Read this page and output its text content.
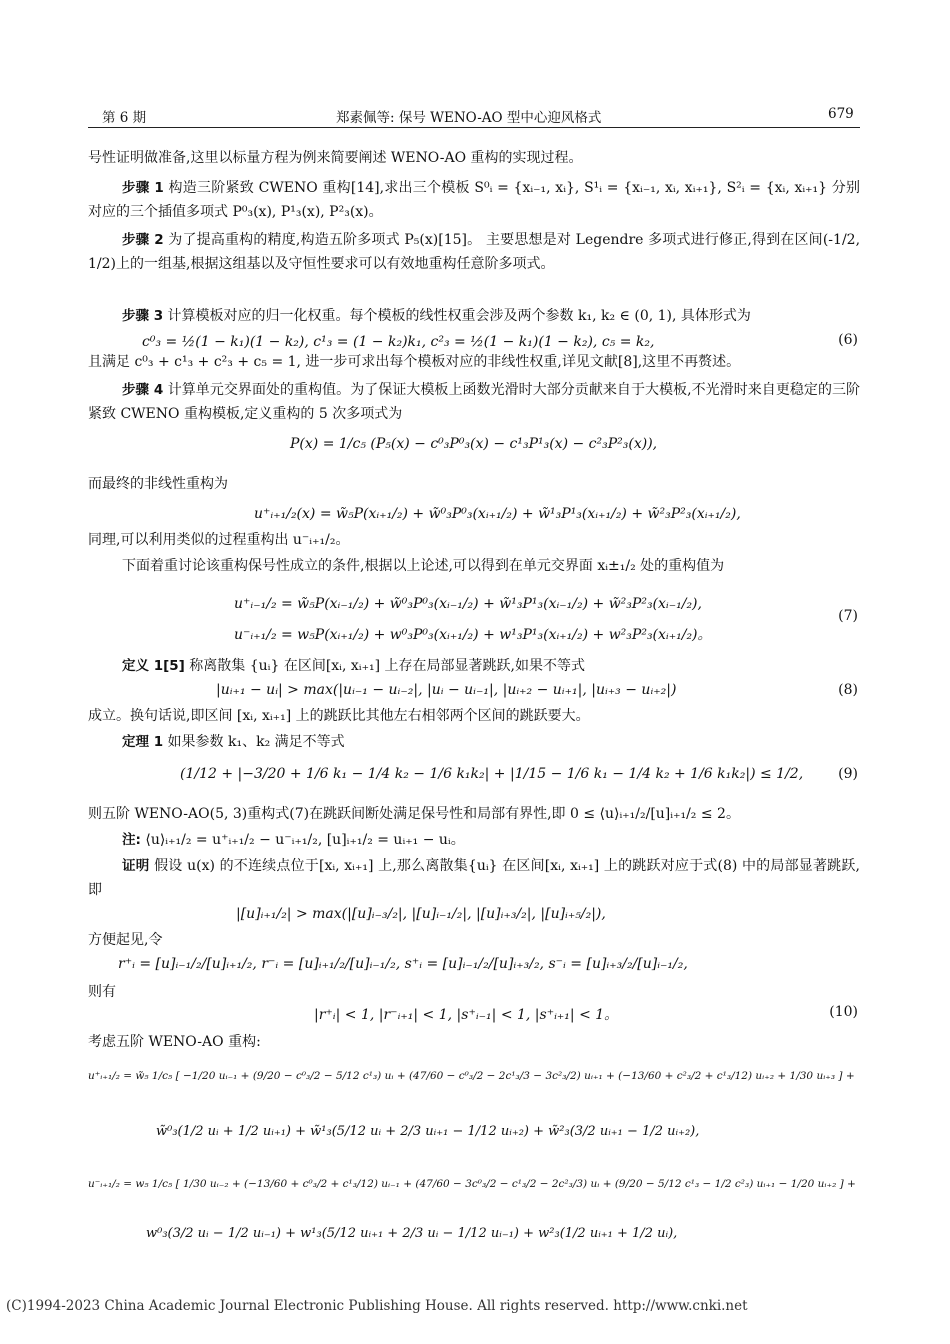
第 6 期	郑素佩等: 保号 WENO-AO 型中心迎风格式	679
号性证明做准备,这里以标量方程为例来简要阐述 WENO-AO 重构的实现过程。
步骤 1 构造三阶紧致 CWENO 重构[14],求出三个模板 S⁰ᵢ = {xᵢ₋₁, xᵢ}, S¹ᵢ = {xᵢ₋₁, xᵢ, xᵢ₊₁}, S²ᵢ = {xᵢ, xᵢ₊₁} 分别对应的三个插值多项式 P⁰₃(x), P¹₃(x), P²₃(x)。
步骤 2 为了提高重构的精度,构造五阶多项式 P₅(x)[15]。 主要思想是对 Legendre 多项式进行修正,得到在区间(-1/2, 1/2)上的一组基,根据这组基以及守恒性要求可以有效地重构任意阶多项式。
步骤 3 计算模板对应的归一化权重。每个模板的线性权重会涉及两个参数 k₁, k₂ ∈ (0, 1), 具体形式为
c⁰₃ = ½(1 − k₁)(1 − k₂), c¹₃ = (1 − k₂)k₁, c²₃ = ½(1 − k₁)(1 − k₂), c₅ = k₂,	(6)
且满足 c⁰₃ + c¹₃ + c²₃ + c₅ = 1, 进一步可求出每个模板对应的非线性权重,详见文献[8],这里不再赘述。
步骤 4 计算单元交界面处的重构值。为了保证大模板上函数光滑时大部分贡献来自于大模板,不光滑时来自更稳定的三阶紧致 CWENO 重构模板,定义重构的 5 次多项式为
P(x) = 1/c₅ (P₅(x) − c⁰₃P⁰₃(x) − c¹₃P¹₃(x) − c²₃P²₃(x)),
而最终的非线性重构为
u⁺ᵢ₊₁/₂(x) = w̃₅P(xᵢ₊₁/₂) + w̃⁰₃P⁰₃(xᵢ₊₁/₂) + w̃¹₃P¹₃(xᵢ₊₁/₂) + w̃²₃P²₃(xᵢ₊₁/₂),
同理,可以利用类似的过程重构出 u⁻ᵢ₊₁/₂。
下面着重讨论该重构保号性成立的条件,根据以上论述,可以得到在单元交界面 xᵢ±₁/₂ 处的重构值为
u⁺ᵢ₋₁/₂ = w̃₅P(xᵢ₋₁/₂) + w̃⁰₃P⁰₃(xᵢ₋₁/₂) + w̃¹₃P¹₃(xᵢ₋₁/₂) + w̃²₃P²₃(xᵢ₋₁/₂),
u⁻ᵢ₊₁/₂ = w₅P(xᵢ₊₁/₂) + w⁰₃P⁰₃(xᵢ₊₁/₂) + w¹₃P¹₃(xᵢ₊₁/₂) + w²₃P²₃(xᵢ₊₁/₂)。
(7)
定义 1[5] 称离散集 {uᵢ} 在区间[xᵢ, xᵢ₊₁] 上存在局部显著跳跃,如果不等式
|uᵢ₊₁ − uᵢ| > max(|uᵢ₋₁ − uᵢ₋₂|, |uᵢ − uᵢ₋₁|, |uᵢ₊₂ − uᵢ₊₁|, |uᵢ₊₃ − uᵢ₊₂|)	(8)
成立。换句话说,即区间 [xᵢ, xᵢ₊₁] 上的跳跃比其他左右相邻两个区间的跳跃要大。
定理 1 如果参数 k₁、k₂ 满足不等式
(1/12 + |−3/20 + 1/6 k₁ − 1/4 k₂ − 1/6 k₁k₂| + |1/15 − 1/6 k₁ − 1/4 k₂ + 1/6 k₁k₂|) ≤ 1/2,	(9)
则五阶 WENO-AO(5, 3)重构式(7)在跳跃间断处满足保号性和局部有界性,即 0 ≤ ⟨u⟩ᵢ₊₁/₂/[u]ᵢ₊₁/₂ ≤ 2。
注: ⟨u⟩ᵢ₊₁/₂ = u⁺ᵢ₊₁/₂ − u⁻ᵢ₊₁/₂, [u]ᵢ₊₁/₂ = uᵢ₊₁ − uᵢ。
证明 假设 u(x) 的不连续点位于[xᵢ, xᵢ₊₁] 上,那么离散集{uᵢ} 在区间[xᵢ, xᵢ₊₁] 上的跳跃对应于式(8) 中的局部显著跳跃,即
|[u]ᵢ₊₁/₂| > max(|[u]ᵢ₋₃/₂|, |[u]ᵢ₋₁/₂|, |[u]ᵢ₊₃/₂|, |[u]ᵢ₊₅/₂|),
方便起见,令
r⁺ᵢ = [u]ᵢ₋₁/₂/[u]ᵢ₊₁/₂, r⁻ᵢ = [u]ᵢ₊₁/₂/[u]ᵢ₋₁/₂, s⁺ᵢ = [u]ᵢ₋₁/₂/[u]ᵢ₊₃/₂, s⁻ᵢ = [u]ᵢ₊₃/₂/[u]ᵢ₋₁/₂,
则有
|r⁺ᵢ| < 1, |r⁻ᵢ₊₁| < 1, |s⁺ᵢ₋₁| < 1, |s⁺ᵢ₊₁| < 1。	(10)
考虑五阶 WENO-AO 重构:
u⁺ᵢ₊₁/₂ = w̃₅ 1/c₅ [ −1/20 uᵢ₋₁ + (9/20 − c⁰₃/2 − 5/12 c¹₃) uᵢ + (47/60 − c⁰₃/2 − 2c¹₃/3 − 3c²₃/2) uᵢ₊₁ + (−13/60 + c²₃/2 + c¹₃/12) uᵢ₊₂ + 1/30 uᵢ₊₃ ] +
w̃⁰₃(1/2 uᵢ + 1/2 uᵢ₊₁) + w̃¹₃(5/12 uᵢ + 2/3 uᵢ₊₁ − 1/12 uᵢ₊₂) + w̃²₃(3/2 uᵢ₊₁ − 1/2 uᵢ₊₂),
u⁻ᵢ₊₁/₂ = w₅ 1/c₅ [ 1/30 uᵢ₋₂ + (−13/60 + c⁰₃/2 + c¹₃/12) uᵢ₋₁ + (47/60 − 3c⁰₃/2 − c¹₃/2 − 2c²₃/3) uᵢ + (9/20 − 5/12 c¹₃ − 1/2 c²₃) uᵢ₊₁ − 1/20 uᵢ₊₂ ] +
w⁰₃(3/2 uᵢ − 1/2 uᵢ₋₁) + w¹₃(5/12 uᵢ₊₁ + 2/3 uᵢ − 1/12 uᵢ₋₁) + w²₃(1/2 uᵢ₊₁ + 1/2 uᵢ),
(C)1994-2023 China Academic Journal Electronic Publishing House. All rights reserved. http://www.cnki.net
